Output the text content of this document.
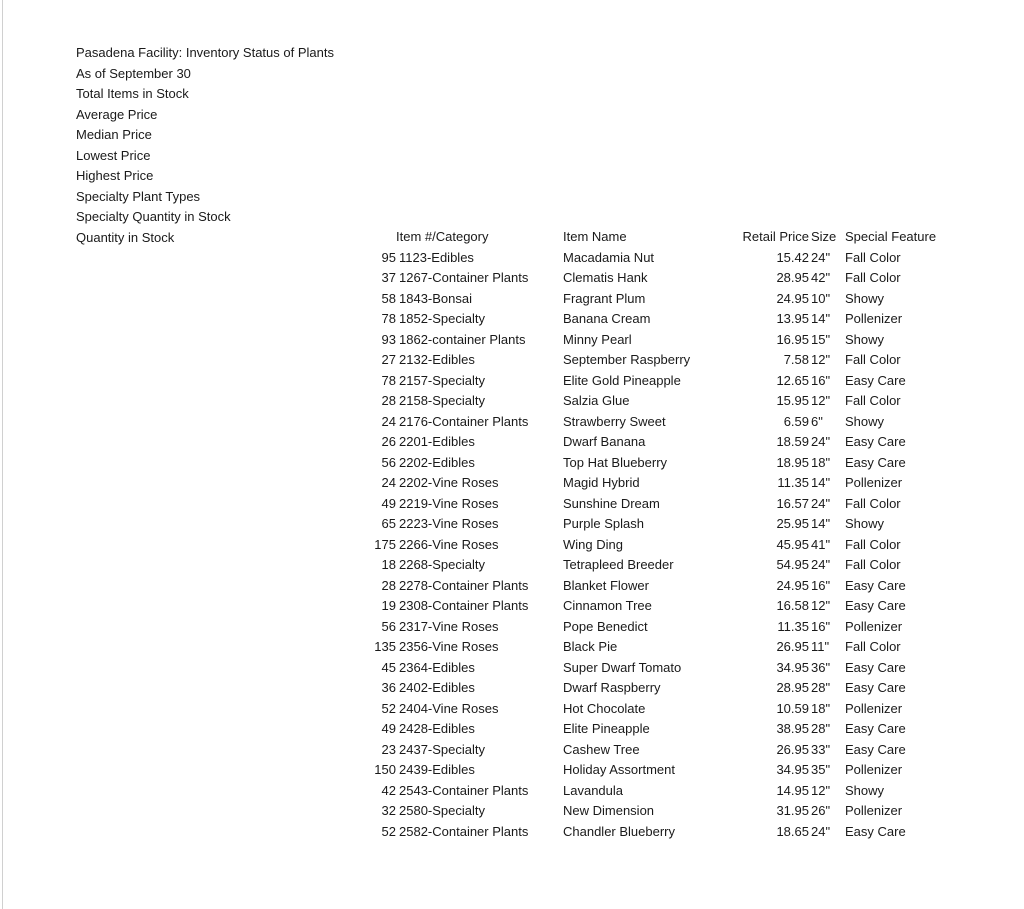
Pasadena Facility: Inventory Status of Plants
As of September 30
Total Items in Stock
Average Price
Median Price
Lowest Price
Highest Price
Specialty Plant Types
Specialty Quantity in Stock
Quantity in Stock	Item #/Category		Item Name	Retail Price	Size	Special Feature
95	1123-Edibles	Macadamia Nut	15.42	24"	Fall Color
37	1267-Container Plants	Clematis Hank	28.95	42"	Fall Color
58	1843-Bonsai	Fragrant Plum	24.95	10"	Showy
78	1852-Specialty	Banana Cream	13.95	14"	Pollenizer
93	1862-container Plants	Minny Pearl	16.95	15"	Showy
27	2132-Edibles	September Raspberry	7.58	12"	Fall Color
78	2157-Specialty	Elite Gold Pineapple	12.65	16"	Easy Care
28	2158-Specialty	Salzia Glue	15.95	12"	Fall Color
24	2176-Container Plants	Strawberry Sweet	6.59	6"	Showy
26	2201-Edibles	Dwarf Banana	18.59	24"	Easy Care
56	2202-Edibles	Top Hat Blueberry	18.95	18"	Easy Care
24	2202-Vine Roses	Magid Hybrid	11.35	14"	Pollenizer
49	2219-Vine Roses	Sunshine Dream	16.57	24"	Fall Color
65	2223-Vine Roses	Purple Splash	25.95	14"	Showy
175	2266-Vine Roses	Wing Ding	45.95	41"	Fall Color
18	2268-Specialty	Tetrapleed Breeder	54.95	24"	Fall Color
28	2278-Container Plants	Blanket Flower	24.95	16"	Easy Care
19	2308-Container Plants	Cinnamon Tree	16.58	12"	Easy Care
56	2317-Vine Roses	Pope Benedict	11.35	16"	Pollenizer
135	2356-Vine Roses	Black Pie	26.95	11"	Fall Color
45	2364-Edibles	Super Dwarf Tomato	34.95	36"	Easy Care
36	2402-Edibles	Dwarf Raspberry	28.95	28"	Easy Care
52	2404-Vine Roses	Hot Chocolate	10.59	18"	Pollenizer
49	2428-Edibles	Elite Pineapple	38.95	28"	Easy Care
23	2437-Specialty	Cashew Tree	26.95	33"	Easy Care
150	2439-Edibles	Holiday Assortment	34.95	35"	Pollenizer
42	2543-Container Plants	Lavandula	14.95	12"	Showy
32	2580-Specialty	New Dimension	31.95	26"	Pollenizer
52	2582-Container Plants	Chandler Blueberry	18.65	24"	Easy Care
